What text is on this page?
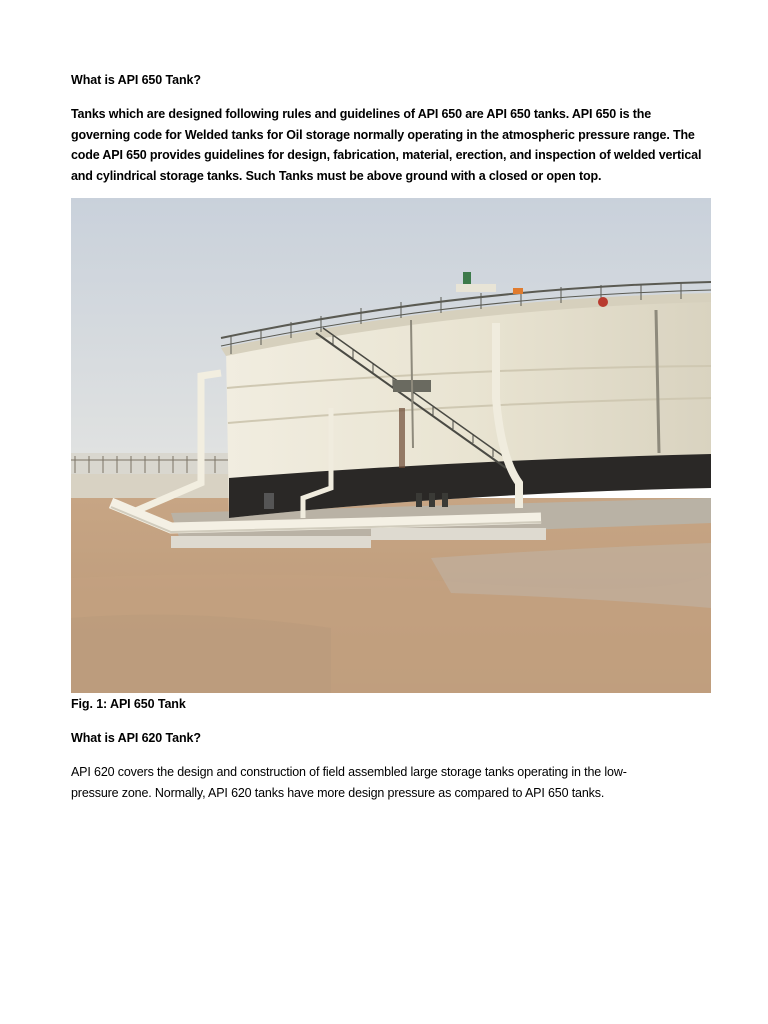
What is API 650 Tank?
Tanks which are designed following rules and guidelines of API 650 are API 650 tanks. API 650 is the
governing code for Welded tanks for Oil storage normally operating in the atmospheric pressure range. The
code API 650 provides guidelines for design, fabrication, material, erection, and inspection of welded vertical
and cylindrical storage tanks. Such Tanks must be above ground with a closed or open top.
Fig. 1: API 650 Tank
What is API 620 Tank?
API 620 covers the design and construction of field assembled large storage tanks operating in the low-
pressure zone. Normally, API 620 tanks have more design pressure as compared to API 650 tanks.
